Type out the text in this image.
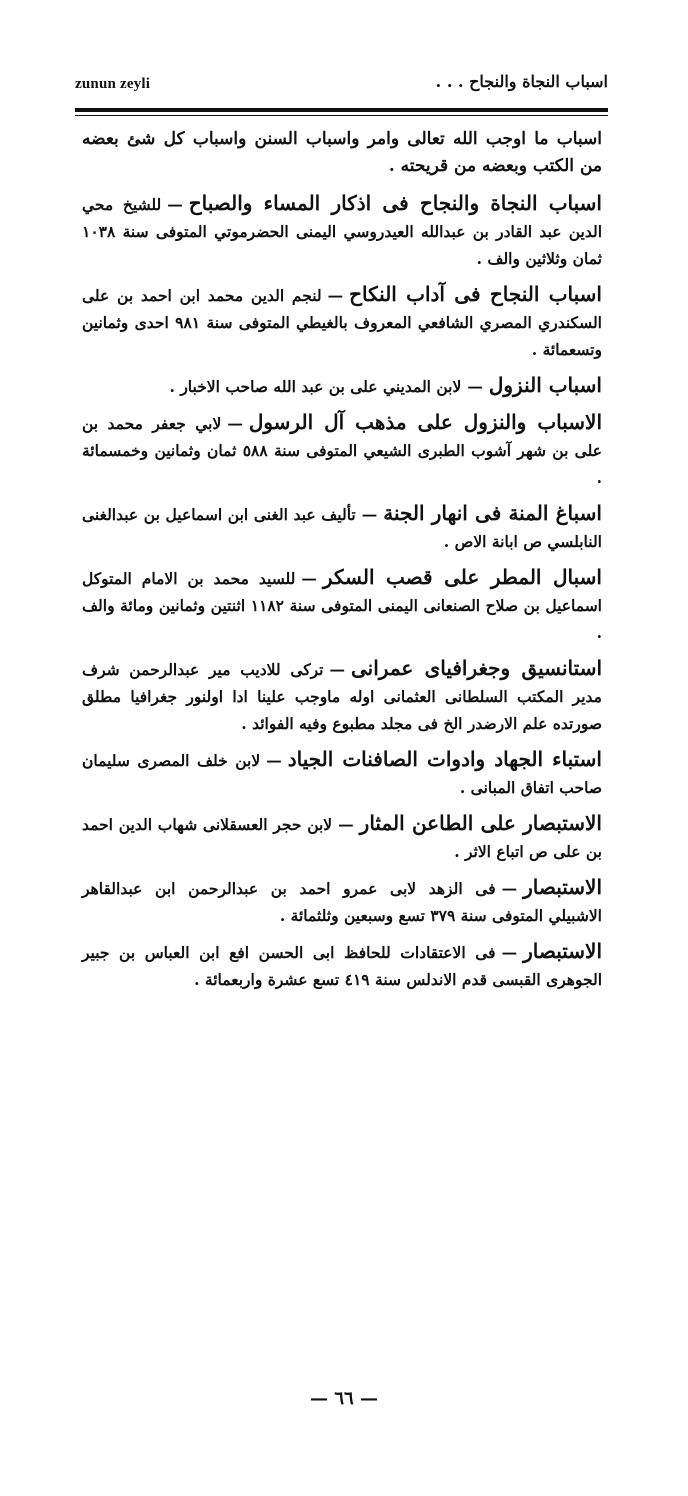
zunun zeyli	اسباب النجاة والنجاح . . .

اسباب ما اوجب الله تعالى وامر واسباب السنن واسباب كل شئ بعضه من الكتب وبعضه من قريحته .

اسباب النجاة والنجاح فى اذكار المساء والصباح—للشيخ محي الدين عبد القادر بن عبدالله العيدروسي اليمنى الحضرموتي المتوفى سنة ١٠٣٨ ثمان وثلاثين والف .

اسباب النجاح فى آداب النكاح—لنجم الدين محمد ابن احمد بن على السكندري المصري الشافعي المعروف بالغيطي المتوفى سنة ٩٨١ احدى وثمانين وتسعمائة .

اسباب النزول—لابن المديني على بن عبد الله صاحب الاخبار .

الاسباب والنزول على مذهب آل الرسول—لابي جعفر محمد بن على بن شهر آشوب الطبرى الشيعي المتوفى سنة ٥٨٨ ثمان وثمانين وخمسمائة .

اسباغ المنة فى انهار الجنة—تأليف عبد الغنى ابن اسماعيل بن عبدالغنى النابلسي ص ابانة الاص .

اسبال المطر على قصب السكر—للسيد محمد بن الامام المتوكل اسماعيل بن صلاح الصنعانى اليمنى المتوفى سنة ١١٨٢ اثنتين وثمانين ومائة والف .

استانسيق وجغرافياى عمرانى—تركى للاديب مير عبدالرحمن شرف مدير المكتب السلطانى العثمانى اوله ماوجب علينا ادا اولنور جغرافيا مطلق صورتده علم الارضدر الخ فى مجلد مطبوع وفيه الفوائد .

استباء الجهاد وادوات الصافنات الجياد—لابن خلف المصرى سليمان صاحب اتفاق المبانى .

الاستبصار على الطاعن المثار—لابن حجر العسقلانى شهاب الدين احمد بن على ص اتباع الاثر .

الاستبصار—فى الزهد لابى عمرو احمد بن عبدالرحمن ابن عبدالقاهر الاشبيلي المتوفى سنة ٣٧٩ تسع وسبعين وثلثمائة .

الاستبصار—فى الاعتقادات للحافظ ابى الحسن افع ابن العباس بن جبير الجوهرى القبسى قدم الاندلس سنة ٤١٩ تسع عشرة واربعمائة .

— ٦٦ —
